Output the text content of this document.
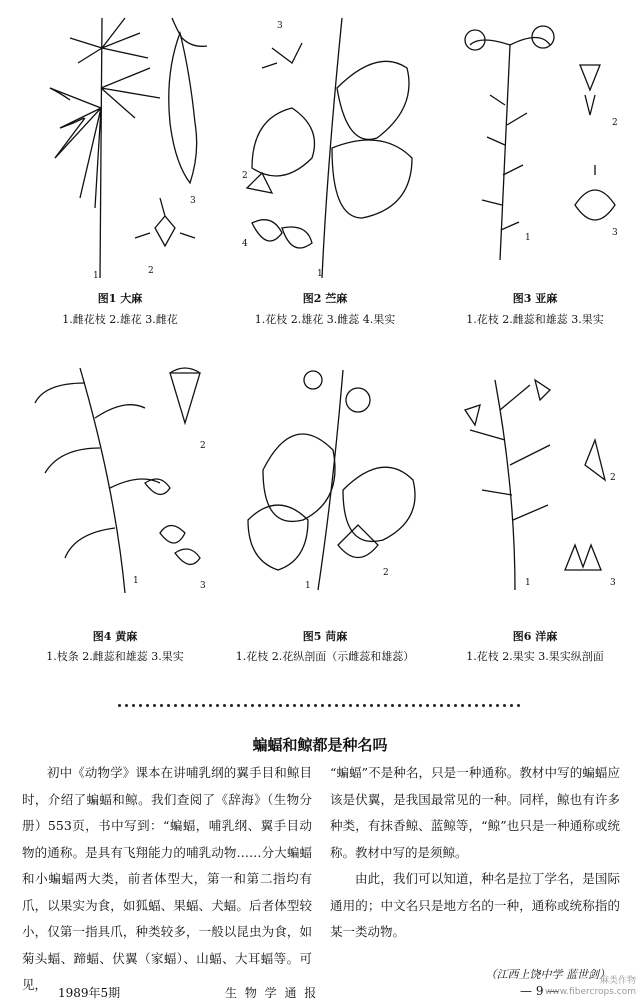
3
2
1
图1 大麻
1.雌花枝 2.雄花 3.雌花
3
4
2
1
图2 苎麻
1.花枝 2.雄花 3.雌蕊 4.果实
2
3
1
图3 亚麻
1.花枝 2.雌蕊和雄蕊 3.果实
2
3
1
图4 黄麻
1.枝条 2.雌蕊和雄蕊 3.果实
2
1
图5 苘麻
1.花枝 2.花纵剖面（示雌蕊和雄蕊）
2
3
1
图6 洋麻
1.花枝 2.果实 3.果实纵剖面
蝙蝠和鲸都是种名吗

初中《动物学》课本在讲哺乳纲的翼手目和鲸目时，介绍了蝙蝠和鲸。我们查阅了《辞海》（生物分册）553页，书中写到：“蝙蝠，哺乳纲、翼手目动物的通称。是具有飞翔能力的哺乳动物……分大蝙蝠和小蝙蝠两大类，前者体型大，第一和第二指均有爪，以果实为食，如狐蝠、果蝠、犬蝠。后者体型较小，仅第一指具爪，种类较多，一般以昆虫为食，如菊头蝠、蹄蝠、伏翼（家蝠）、山蝠、大耳蝠等。可见，

“蝙蝠”不是种名，只是一种通称。教材中写的蝙蝠应该是伏翼，是我国最常见的一种。同样，鲸也有许多种类，有抹香鲸、蓝鲸等，“鲸”也只是一种通称或统称。教材中写的是须鲸。

由此，我们可以知道，种名是拉丁学名，是国际通用的；中文名只是地方名的一种，通称或统称指的某一类动物。

（江西上饶中学 蓝世剑）
1989年5期	生 物 学 通 报	— 9 —
麻类作物
www.fibercrops.com
